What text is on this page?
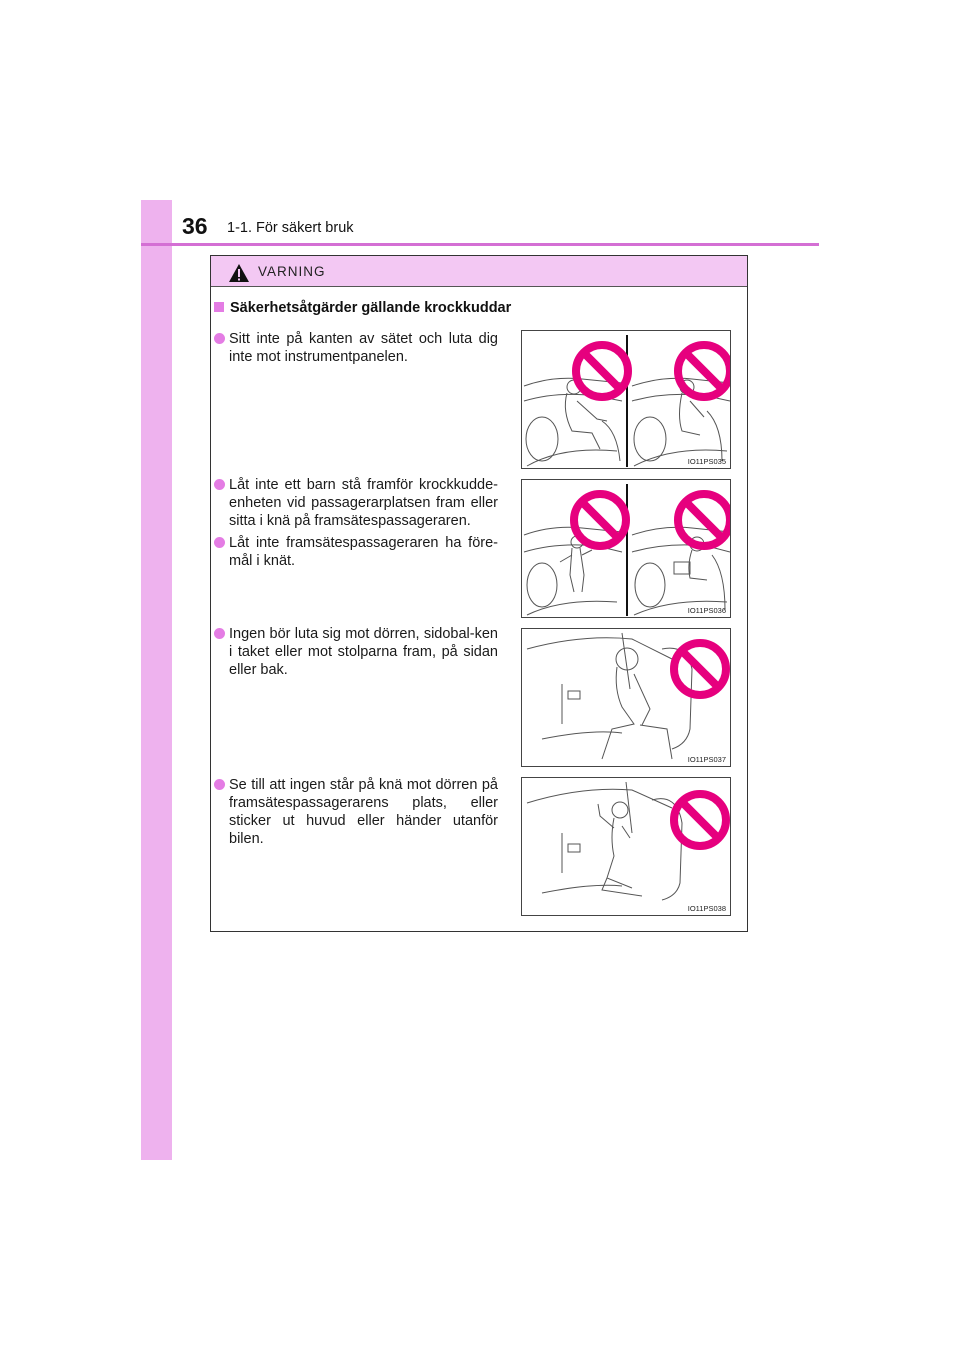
36 1-1. För säkert bruk
VARNING
Säkerhetsåtgärder gällande krockkuddar
Sitt inte på kanten av sätet och luta dig inte mot instrumentpanelen.
Låt inte ett barn stå framför krockkudde-enheten vid passagerarplatsen fram eller sitta i knä på framsätespassageraren.
Låt inte framsätespassageraren ha före-mål i knät.
Ingen bör luta sig mot dörren, sidobal-ken i taket eller mot stolparna fram, på sidan eller bak.
Se till att ingen står på knä mot dörren på framsätespassagerarens plats, eller sticker ut huvud eller händer utanför bilen.
IO11PS035
IO11PS036
IO11PS037
IO11PS038
